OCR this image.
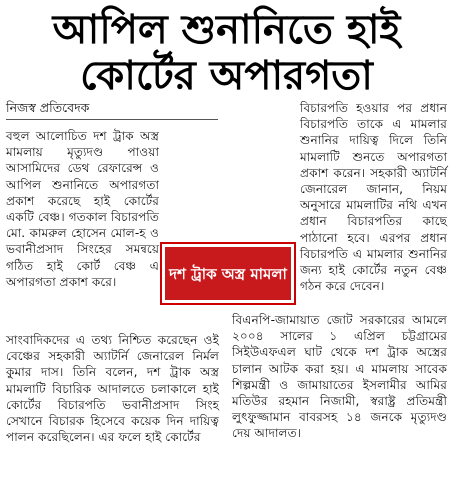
আপিল শুনানিতে হাই
কোর্টের অপারগতা
নিজস্ব প্রতিবেদক

বহুল আলোচিত দশ ট্রাক অস্ত্র মামলায় মৃত্যুদণ্ড পাওয়া আসামিদের ডেথ রেফারেন্স ও আপিল শুনানিতে অপারগতা প্রকাশ করেছে হাই কোর্টের একটি বেঞ্চ। গতকাল বিচারপতি মো. কামরুল হোসেন মোল-হ ও ভবানীপ্রসাদ সিংহের সমন্বয়ে গঠিত হাই কোর্ট বেঞ্চ এ অপারগতা প্রকাশ করে।

সাংবাদিকদের এ তথ্য নিশ্চিত করেছেন ওই বেঞ্চের সহকারী অ্যাটর্নি জেনারেল নির্মল কুমার দাস। তিনি বলেন, দশ ট্রাক অস্ত্র মামলাটি বিচারিক আদালতে চলাকালে হাই কোর্টের বিচারপতি ভবানীপ্রসাদ সিংহ সেখানে বিচারক হিসেবে কয়েক দিন দায়িত্ব পালন করেছিলেন। এর ফলে হাই কোর্টের

বিচারপতি হওয়ার পর প্রধান বিচারপতি তাকে এ মামলার শুনানির দায়িত্ব দিলে তিনি মামলাটি শুনতে অপারগতা প্রকাশ করেন। সহকারী অ্যাটর্নি জেনারেল জানান, নিয়ম অনুসারে মামলাটির নথি এখন প্রধান বিচারপতির কাছে পাঠানো হবে। এরপর প্রধান বিচারপতি এ মামলার শুনানির জন্য হাই কোর্টের নতুন বেঞ্চ গঠন করে দেবেন।

বিএনপি-জামায়াত জোট সরকারের আমলে ২০০৪ সালের ১ এপ্রিল চট্টগ্রামের সিইউএফএল ঘাট থেকে দশ ট্রাক অস্ত্রের চালান আটক করা হয়। এ মামলায় সাবেক শিল্পমন্ত্রী ও জামায়াতের ইসলামীর আমির মতিউর রহমান নিজামী, স্বরাষ্ট্র প্রতিমন্ত্রী লুৎফুজ্জামান বাবরসহ ১৪ জনকে মৃত্যুদণ্ড দেয় আদালত।

দশ ট্রাক অস্ত্র মামলা
